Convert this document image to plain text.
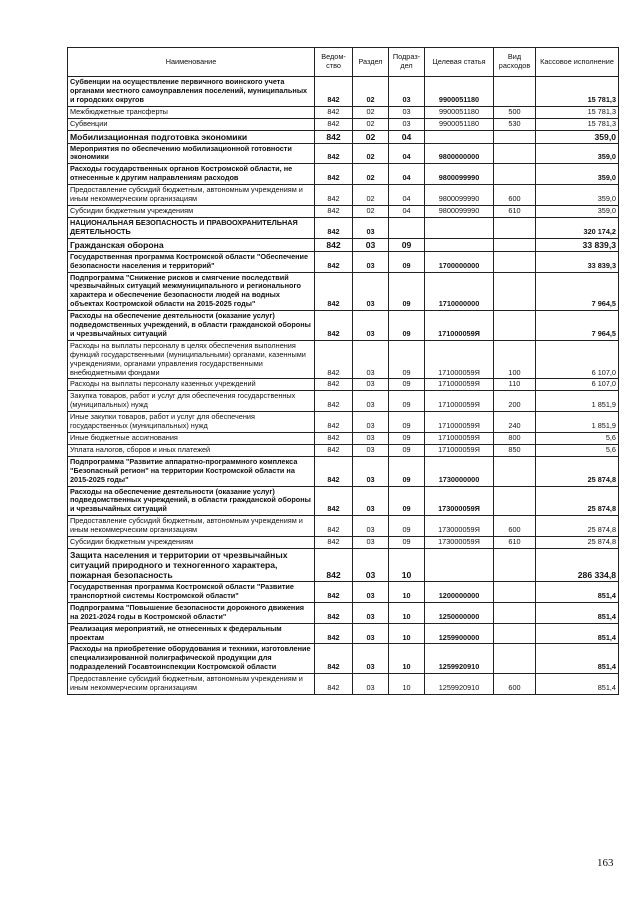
Наименование	Ведом-ство	Раздел	Подраз-дел	Целевая статья	Вид расходов	Кассовое исполнение
Субвенции на осуществление первичного воинского учета органами местного самоуправления поселений, муниципальных и городских округов	842	02	03	9900051180		15 781,3
Межбюджетные трансферты	842	02	03	9900051180	500	15 781,3
Субвенции	842	02	03	9900051180	530	15 781,3
Мобилизационная подготовка экономики	842	02	04			359,0
Мероприятия по обеспечению мобилизационной готовности экономики	842	02	04	9800000000		359,0
Расходы государственных органов Костромской области, не отнесенные к другим направлениям расходов	842	02	04	9800099990		359,0
Предоставление субсидий бюджетным, автономным учреждениям и иным некоммерческим организациям	842	02	04	9800099990	600	359,0
Субсидии бюджетным учреждениям	842	02	04	9800099990	610	359,0
НАЦИОНАЛЬНАЯ БЕЗОПАСНОСТЬ И ПРАВООХРАНИТЕЛЬНАЯ ДЕЯТЕЛЬНОСТЬ	842	03				320 174,2
Гражданская оборона	842	03	09			33 839,3
Государственная программа Костромской области "Обеспечение безопасности населения и территорий"	842	03	09	1700000000		33 839,3
Подпрограмма "Снижение рисков и смягчение последствий чрезвычайных ситуаций межмуниципального и регионального характера и обеспечение безопасности людей на водных объектах Костромской области на 2015-2025 годы"	842	03	09	1710000000		7 964,5
Расходы на обеспечение деятельности (оказание услуг) подведомственных учреждений, в области гражданской обороны и чрезвычайных ситуаций	842	03	09	171000059Я		7 964,5
Расходы на выплаты персоналу в целях обеспечения выполнения функций государственными (муниципальными) органами, казенными учреждениями, органами управления государственными внебюджетными фондами	842	03	09	171000059Я	100	6 107,0
Расходы на выплаты персоналу казенных учреждений	842	03	09	171000059Я	110	6 107,0
Закупка товаров, работ и услуг для обеспечения государственных (муниципальных) нужд	842	03	09	171000059Я	200	1 851,9
Иные закупки товаров, работ и услуг для обеспечения государственных (муниципальных) нужд	842	03	09	171000059Я	240	1 851,9
Иные бюджетные ассигнования	842	03	09	171000059Я	800	5,6
Уплата налогов, сборов и иных платежей	842	03	09	171000059Я	850	5,6
Подпрограмма "Развитие аппаратно-программного комплекса "Безопасный регион" на территории Костромской области на 2015-2025 годы"	842	03	09	1730000000		25 874,8
Расходы на обеспечение деятельности (оказание услуг) подведомственных учреждений, в области гражданской обороны и чрезвычайных ситуаций	842	03	09	173000059Я		25 874,8
Предоставление субсидий бюджетным, автономным учреждениям и иным некоммерческим организациям	842	03	09	173000059Я	600	25 874,8
Субсидии бюджетным учреждениям	842	03	09	173000059Я	610	25 874,8
Защита населения и территории от чрезвычайных ситуаций природного и техногенного характера, пожарная безопасность	842	03	10			286 334,8
Государственная программа Костромской области "Развитие транспортной системы Костромской области"	842	03	10	1200000000		851,4
Подпрограмма "Повышение безопасности дорожного движения на 2021-2024 годы в Костромской области"	842	03	10	1250000000		851,4
Реализация мероприятий, не отнесенных к федеральным проектам	842	03	10	1259900000		851,4
Расходы на приобретение оборудования и техники, изготовление специализированной полиграфической продукции для подразделений Госавтоинспекции Костромской области	842	03	10	1259920910		851,4
Предоставление субсидий бюджетным, автономным учреждениям и иным некоммерческим организациям	842	03	10	1259920910	600	851,4
163
